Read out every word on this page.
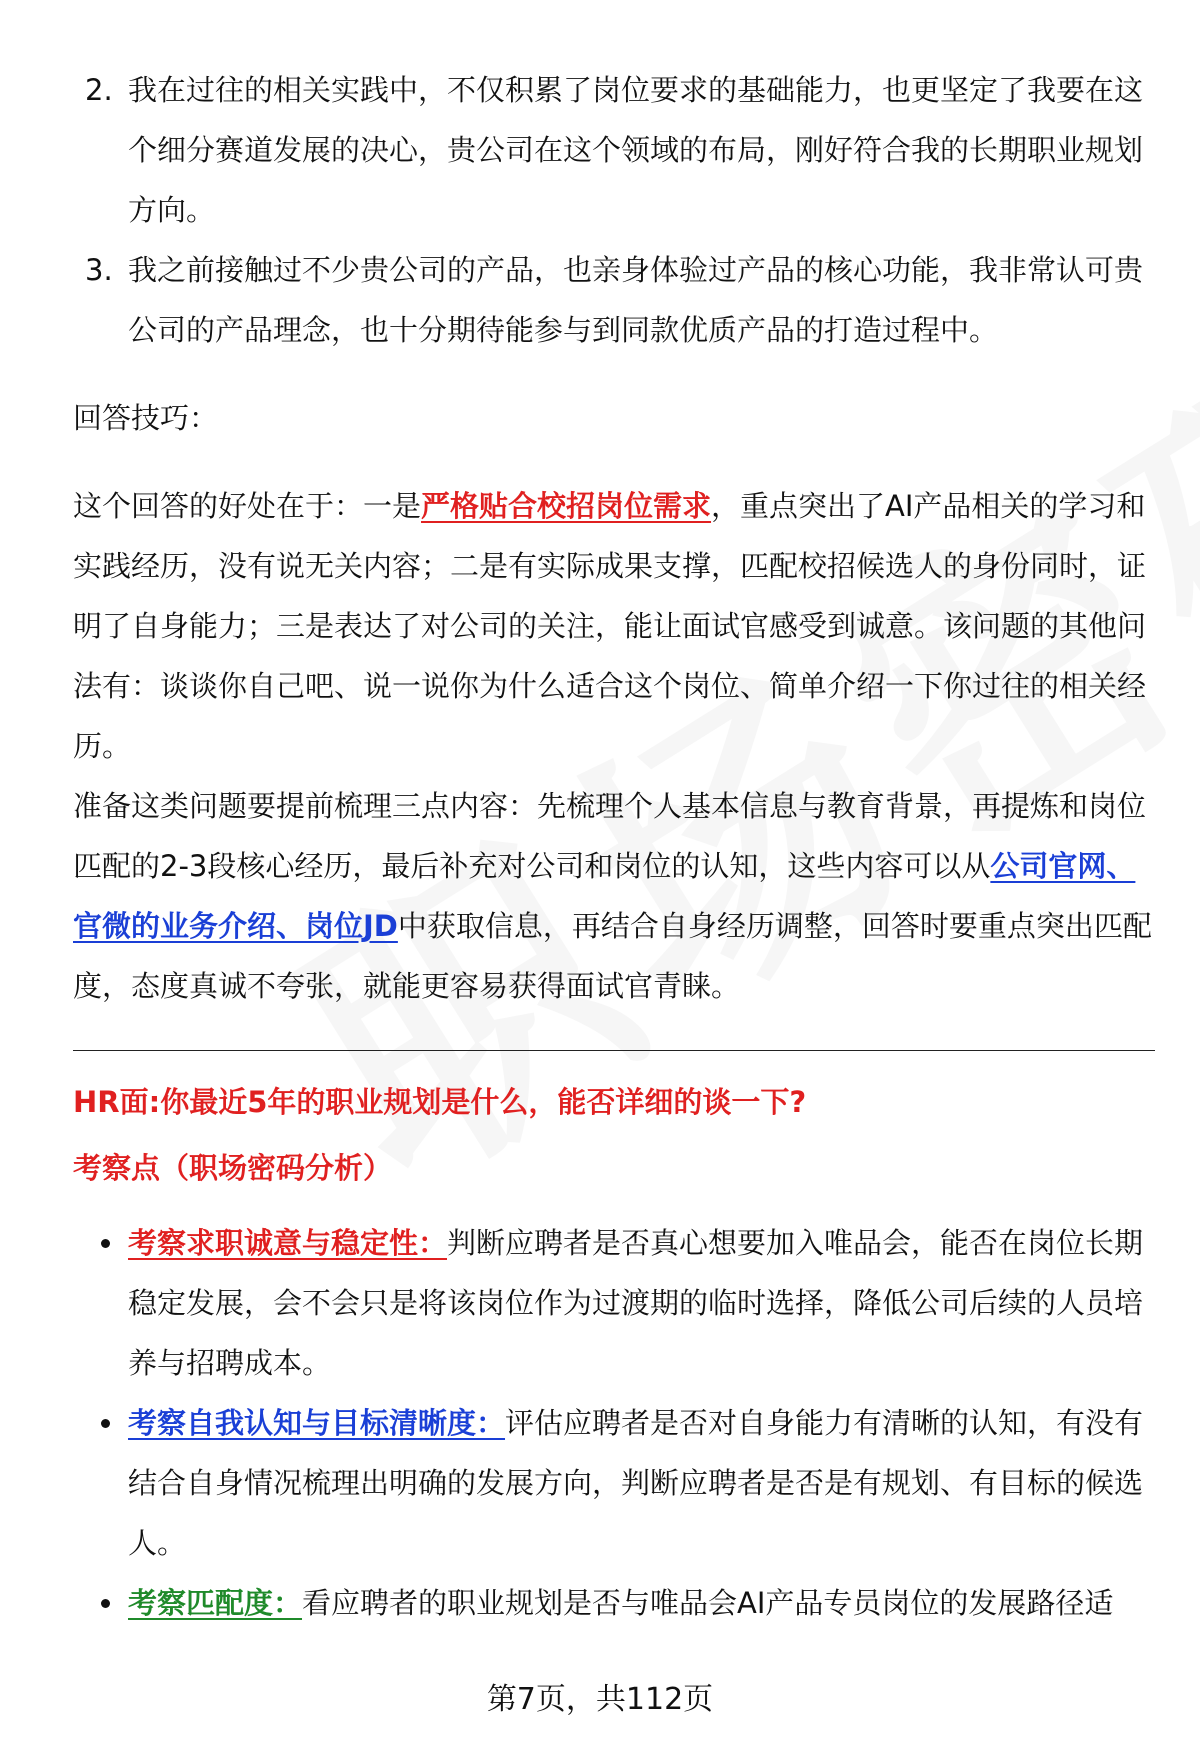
2. 我在过往的相关实践中，不仅积累了岗位要求的基础能力，也更坚定了我要在这个细分赛道发展的决心，贵公司在这个领域的布局，刚好符合我的长期职业规划方向。
3. 我之前接触过不少贵公司的产品，也亲身体验过产品的核心功能，我非常认可贵公司的产品理念，也十分期待能参与到同款优质产品的打造过程中。

回答技巧：

这个回答的好处在于：一是严格贴合校招岗位需求，重点突出了AI产品相关的学习和实践经历，没有说无关内容；二是有实际成果支撑，匹配校招候选人的身份同时，证明了自身能力；三是表达了对公司的关注，能让面试官感受到诚意。该问题的其他问法有：谈谈你自己吧、说一说你为什么适合这个岗位、简单介绍一下你过往的相关经历。

准备这类问题要提前梳理三点内容：先梳理个人基本信息与教育背景，再提炼和岗位匹配的2-3段核心经历，最后补充对公司和岗位的认知，这些内容可以从公司官网、官微的业务介绍、岗位JD中获取信息，再结合自身经历调整，回答时要重点突出匹配度，态度真诚不夸张，就能更容易获得面试官青睐。

HR面:你最近5年的职业规划是什么，能否详细的谈一下?

考察点（职场密码分析）

考察求职诚意与稳定性：判断应聘者是否真心想要加入唯品会，能否在岗位长期稳定发展，会不会只是将该岗位作为过渡期的临时选择，降低公司后续的人员培养与招聘成本。
考察自我认知与目标清晰度：评估应聘者是否对自身能力有清晰的认知，有没有结合自身情况梳理出明确的发展方向，判断应聘者是否是有规划、有目标的候选人。
考察匹配度：看应聘者的职业规划是否与唯品会AI产品专员岗位的发展路径适
第7页，共112页
